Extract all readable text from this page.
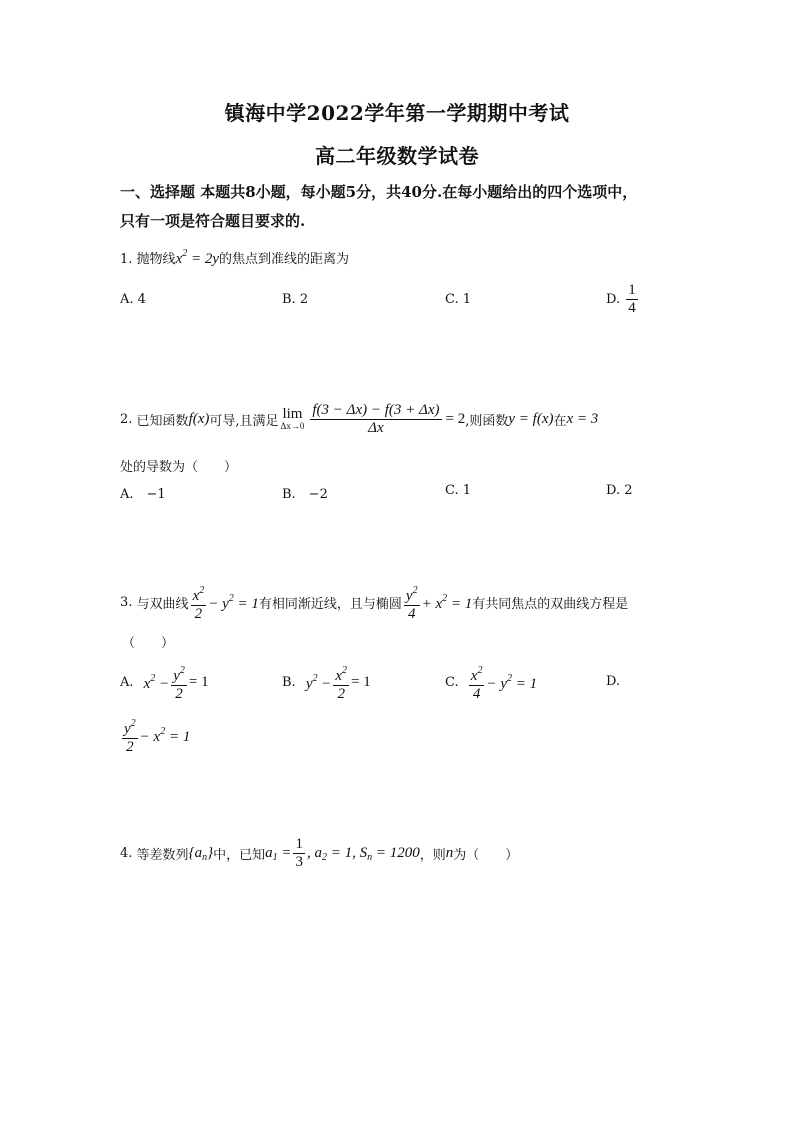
镇海中学2022学年第一学期期中考试
高二年级数学试卷
一、选择题 本题共8小题，每小题5分，共40分.在每小题给出的四个选项中，
只有一项是符合题目要求的.
1. 抛物线$x^2 = 2y$的焦点到准线的距离为
A. 4	B. 2	C. 1	D. $\frac{1}{4}$
2. 已知函数f(x)可导,且满足 lim
$\Delta x\to 0 \frac{f(3 - \Delta x) - f(3 + \Delta x)}{\Delta x} = 2$,则函数y = f(x)在x = 3
处的导数为（　　）
A.　−1	B.　−2	C. 1	D. 2
3. 与双曲线 $\frac{x^2}{2} - y^2 = 1$有相同渐近线，且与椭圆 $\frac{y^2}{4} + x^2 = 1$有共同焦点的双曲线方程是
（　　）
A. $x^2 - \frac{y^2}{2} = 1$	B. $y^2 - \frac{x^2}{2} = 1$	C. $\frac{x^2}{4} - y^2 = 1$	D.
$\frac{y^2}{2} - x^2 = 1$
4. 等差数列$\{a_n\}$中，已知$a_1 = \frac{1}{3}$ , $a_2 = 1$, $S_n = 1200$，则n为（　　）
